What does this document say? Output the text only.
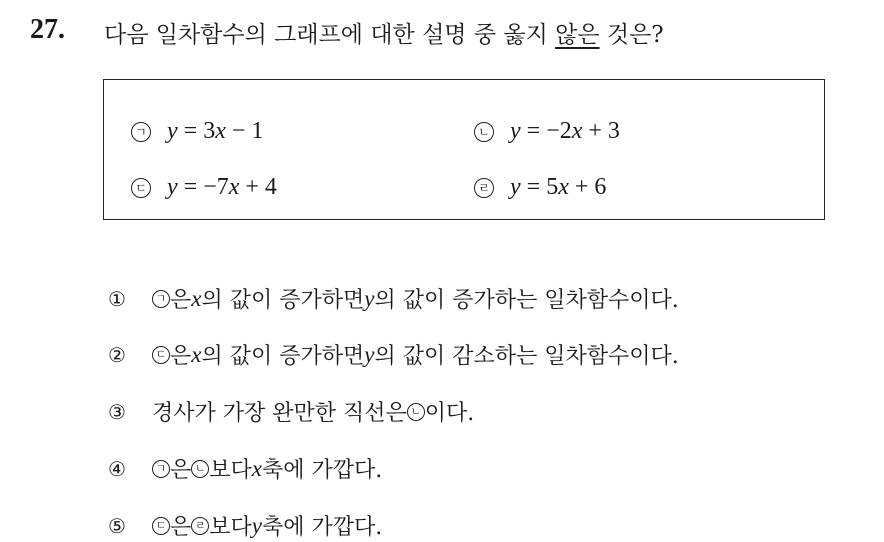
27. 다음 일차함수의 그래프에 대한 설명 중 옳지 않은 것은?
ㄱ y = 3x − 1	ㄴ y = −2x + 3
ㄷ y = −7x + 4	ㄹ y = 5x + 6
①	ㄱ 은 x 의 값이 증가하면 y 의 값이 증가하는 일차함수이다.
②	ㄷ 은 x 의 값이 증가하면 y 의 값이 감소하는 일차함수이다.
③	경사가 가장 완만한 직선은 ㄴ 이다.
④	ㄱ 은 ㄴ 보다 x 축에 가깝다.
⑤	ㄷ 은 ㄹ 보다 y 축에 가깝다.
